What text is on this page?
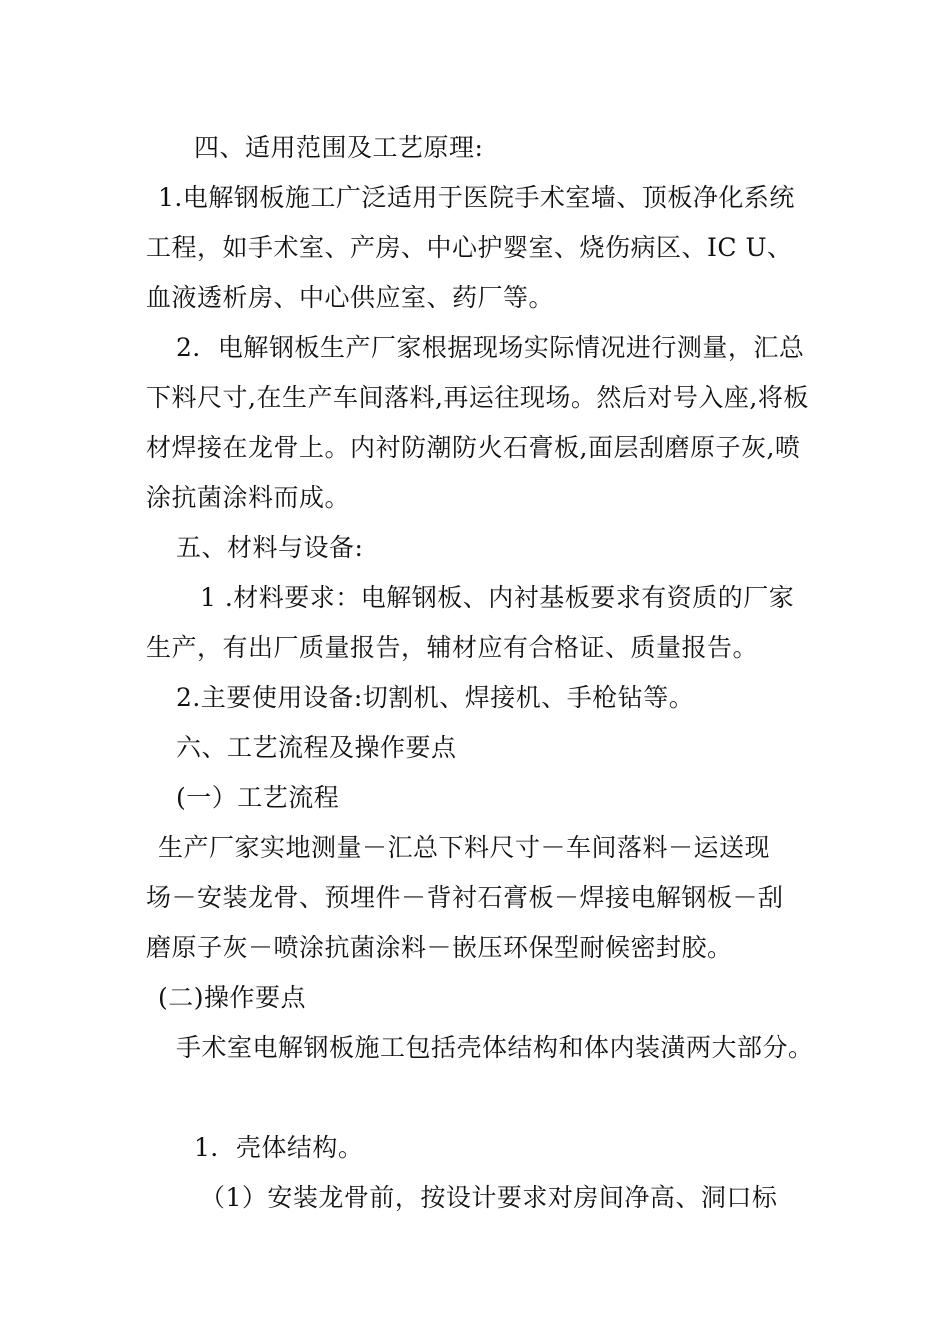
四、适用范围及工艺原理:
1.电解钢板施工广泛适用于医院手术室墙、顶板净化系统
工程，如手术室、产房、中心护婴室、烧伤病区、IC U、
血液透析房、中心供应室、药厂等。
2．电解钢板生产厂家根据现场实际情况进行测量，汇总
下料尺寸,在生产车间落料,再运往现场。然后对号入座,将板
材焊接在龙骨上。内衬防潮防火石膏板,面层刮磨原子灰,喷
涂抗菌涂料而成。
五、材料与设备:
1 .材料要求：电解钢板、内衬基板要求有资质的厂家
生产，有出厂质量报告，辅材应有合格证、质量报告。
2.主要使用设备:切割机、焊接机、手枪钻等。
六、工艺流程及操作要点
(一）工艺流程
生产厂家实地测量－汇总下料尺寸－车间落料－运送现
场－安装龙骨、预埋件－背衬石膏板－焊接电解钢板－刮
磨原子灰－喷涂抗菌涂料－嵌压环保型耐候密封胶。
(二)操作要点
手术室电解钢板施工包括壳体结构和体内装潢两大部分。
1．壳体结构。
（1）安装龙骨前，按设计要求对房间净高、洞口标
